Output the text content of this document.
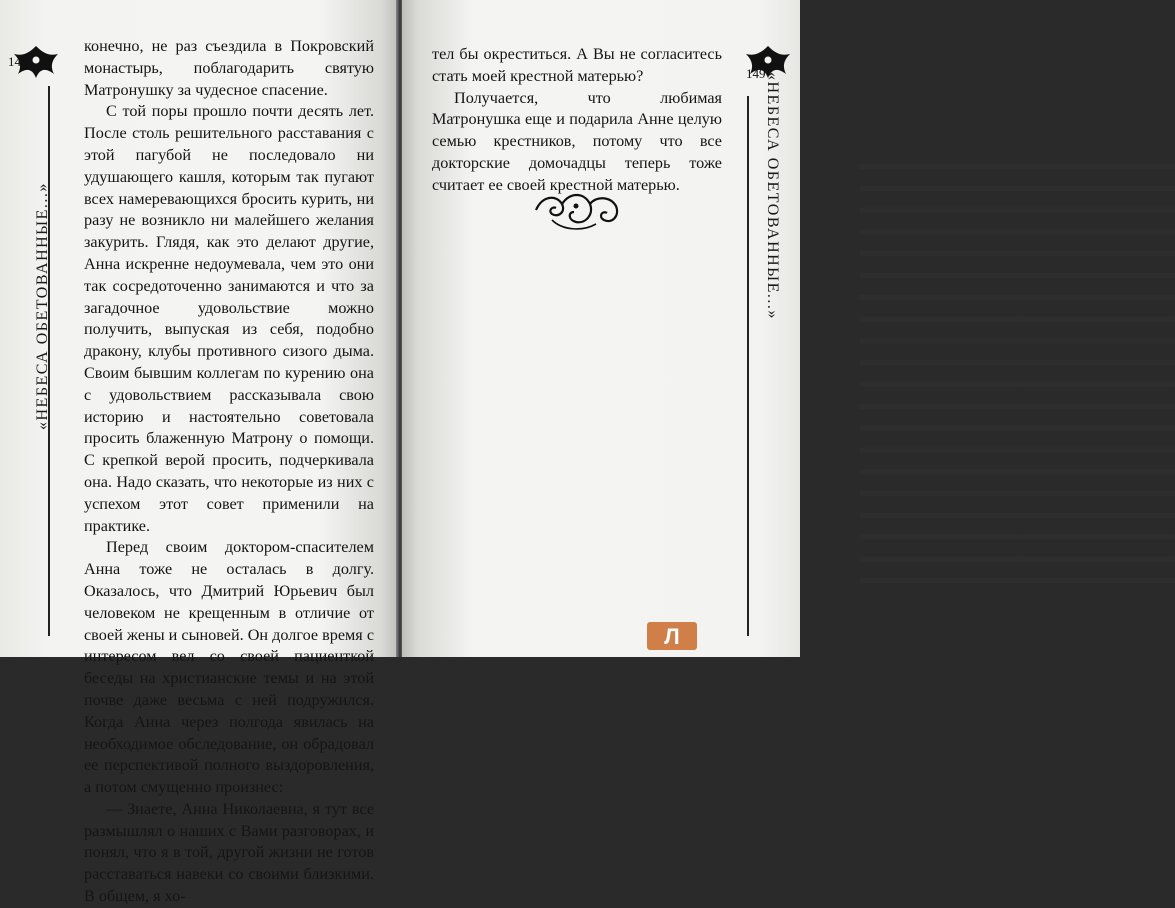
148
«НЕБЕСА ОБЕТОВАННЫЕ...»

конечно, не раз съездила в Покровский монастырь, поблагодарить святую Матронушку за чудесное спасение.

С той поры прошло почти десять лет. После столь решительного расставания с этой пагубой не последовало ни удушающего кашля, которым так пугают всех намеревающихся бросить курить, ни разу не возникло ни малейшего желания закурить. Глядя, как это делают другие, Анна искренне недоумевала, чем это они так сосредоточенно занимаются и что за загадочное удовольствие можно получить, выпуская из себя, подобно дракону, клубы противного сизого дыма. Своим бывшим коллегам по курению она с удовольствием рассказывала свою историю и настоятельно советовала просить блаженную Матрону о помощи. С крепкой верой просить, подчеркивала она. Надо сказать, что некоторые из них с успехом этот совет применили на практике.

Перед своим доктором-спасителем Анна тоже не осталась в долгу. Оказалось, что Дмитрий Юрьевич был человеком не крещенным в отличие от своей жены и сыновей. Он долгое время с интересом вел со своей пациенткой беседы на христианские темы и на этой почве даже весьма с ней подружился. Когда Анна через полгода явилась на необходимое обследование, он обрадовал ее перспективой полного выздоровления, а потом смущенно произнес:

— Знаете, Анна Николаевна, я тут все размышлял о наших с Вами разговорах, и понял, что я в той, другой жизни не готов расставаться навеки со своими близкими. В общем, я хо-

149

тел бы окреститься. А Вы не согласитесь стать моей крестной матерью?

Получается, что любимая Матронушка еще и подарила Анне целую семью крестников, потому что все докторские домочадцы теперь тоже считает ее своей крестной матерью.	«НЕБЕСА ОБЕТОВАННЫЕ...»
Л
